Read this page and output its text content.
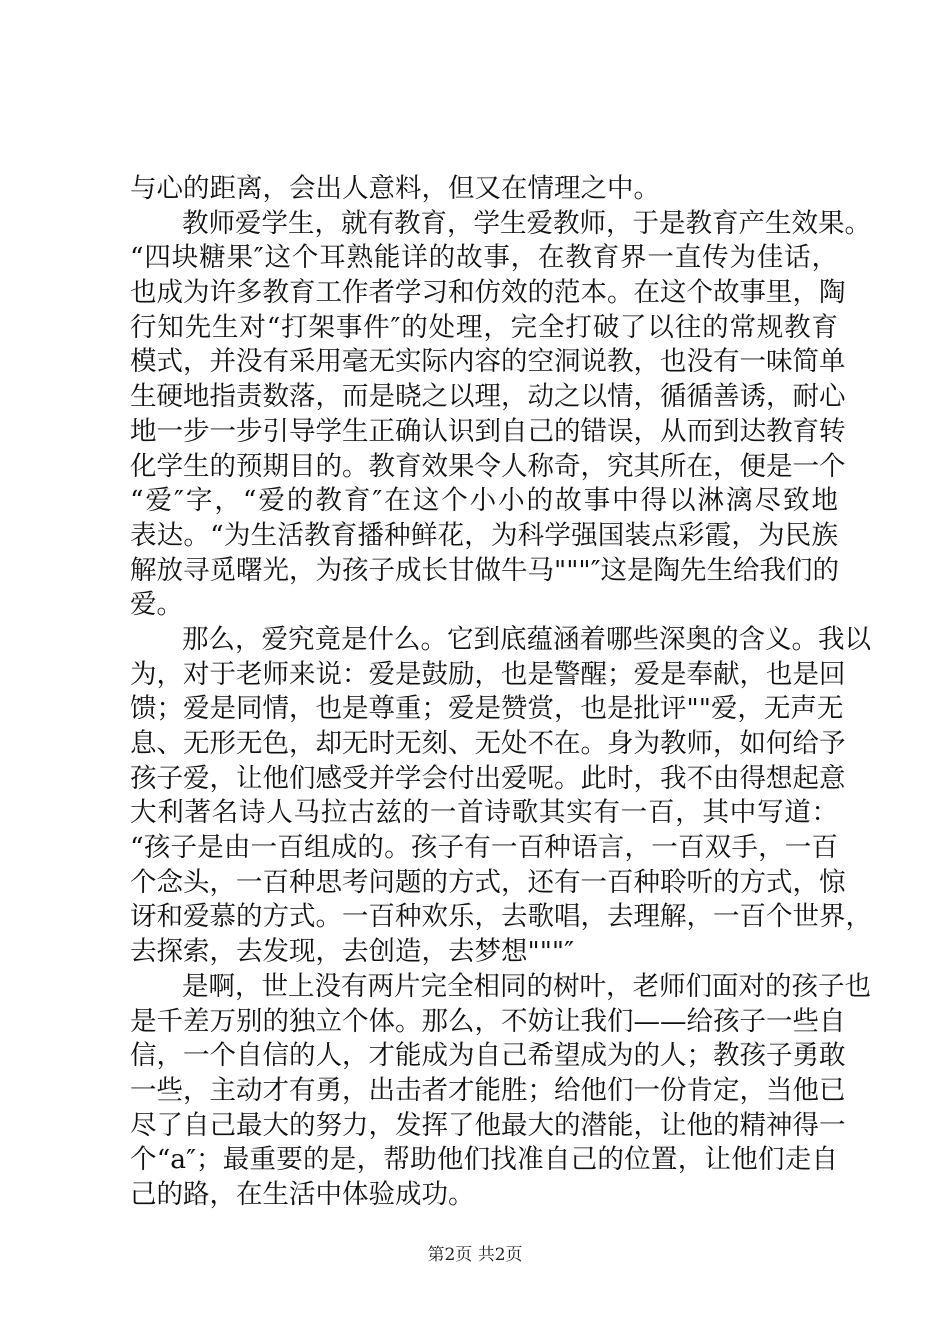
与心的距离，会出人意料，但又在情理之中。
教师爱学生，就有教育，学生爱教师，于是教育产生效果。
“四块糖果″这个耳熟能详的故事，在教育界一直传为佳话，
也成为许多教育工作者学习和仿效的范本。在这个故事里，陶
行知先生对“打架事件″的处理，完全打破了以往的常规教育
模式，并没有采用毫无实际内容的空洞说教，也没有一味简单
生硬地指责数落，而是晓之以理，动之以情，循循善诱，耐心
地一步一步引导学生正确认识到自己的错误，从而到达教育转
化学生的预期目的。教育效果令人称奇，究其所在，便是一个
“爱″字，“爱的教育″在这个小小的故事中得以淋漓尽致地
表达。“为生活教育播种鲜花，为科学强国装点彩霞，为民族
解放寻觅曙光，为孩子成长甘做牛马"""″这是陶先生给我们的
爱。
那么，爱究竟是什么。它到底蕴涵着哪些深奥的含义。我以
为，对于老师来说：爱是鼓励，也是警醒；爱是奉献，也是回
馈；爱是同情，也是尊重；爱是赞赏，也是批评""爱，无声无
息、无形无色，却无时无刻、无处不在。身为教师，如何给予
孩子爱，让他们感受并学会付出爱呢。此时，我不由得想起意
大利著名诗人马拉古兹的一首诗歌其实有一百，其中写道：
“孩子是由一百组成的。孩子有一百种语言，一百双手，一百
个念头，一百种思考问题的方式，还有一百种聆听的方式，惊
讶和爱慕的方式。一百种欢乐，去歌唱，去理解，一百个世界，
去探索，去发现，去创造，去梦想"""″
是啊，世上没有两片完全相同的树叶，老师们面对的孩子也
是千差万别的独立个体。那么，不妨让我们——给孩子一些自
信，一个自信的人，才能成为自己希望成为的人；教孩子勇敢
一些，主动才有勇，出击者才能胜；给他们一份肯定，当他已
尽了自己最大的努力，发挥了他最大的潜能，让他的精神得一
个“a″；最重要的是，帮助他们找准自己的位置，让他们走自
己的路，在生活中体验成功。
第2页 共2页
